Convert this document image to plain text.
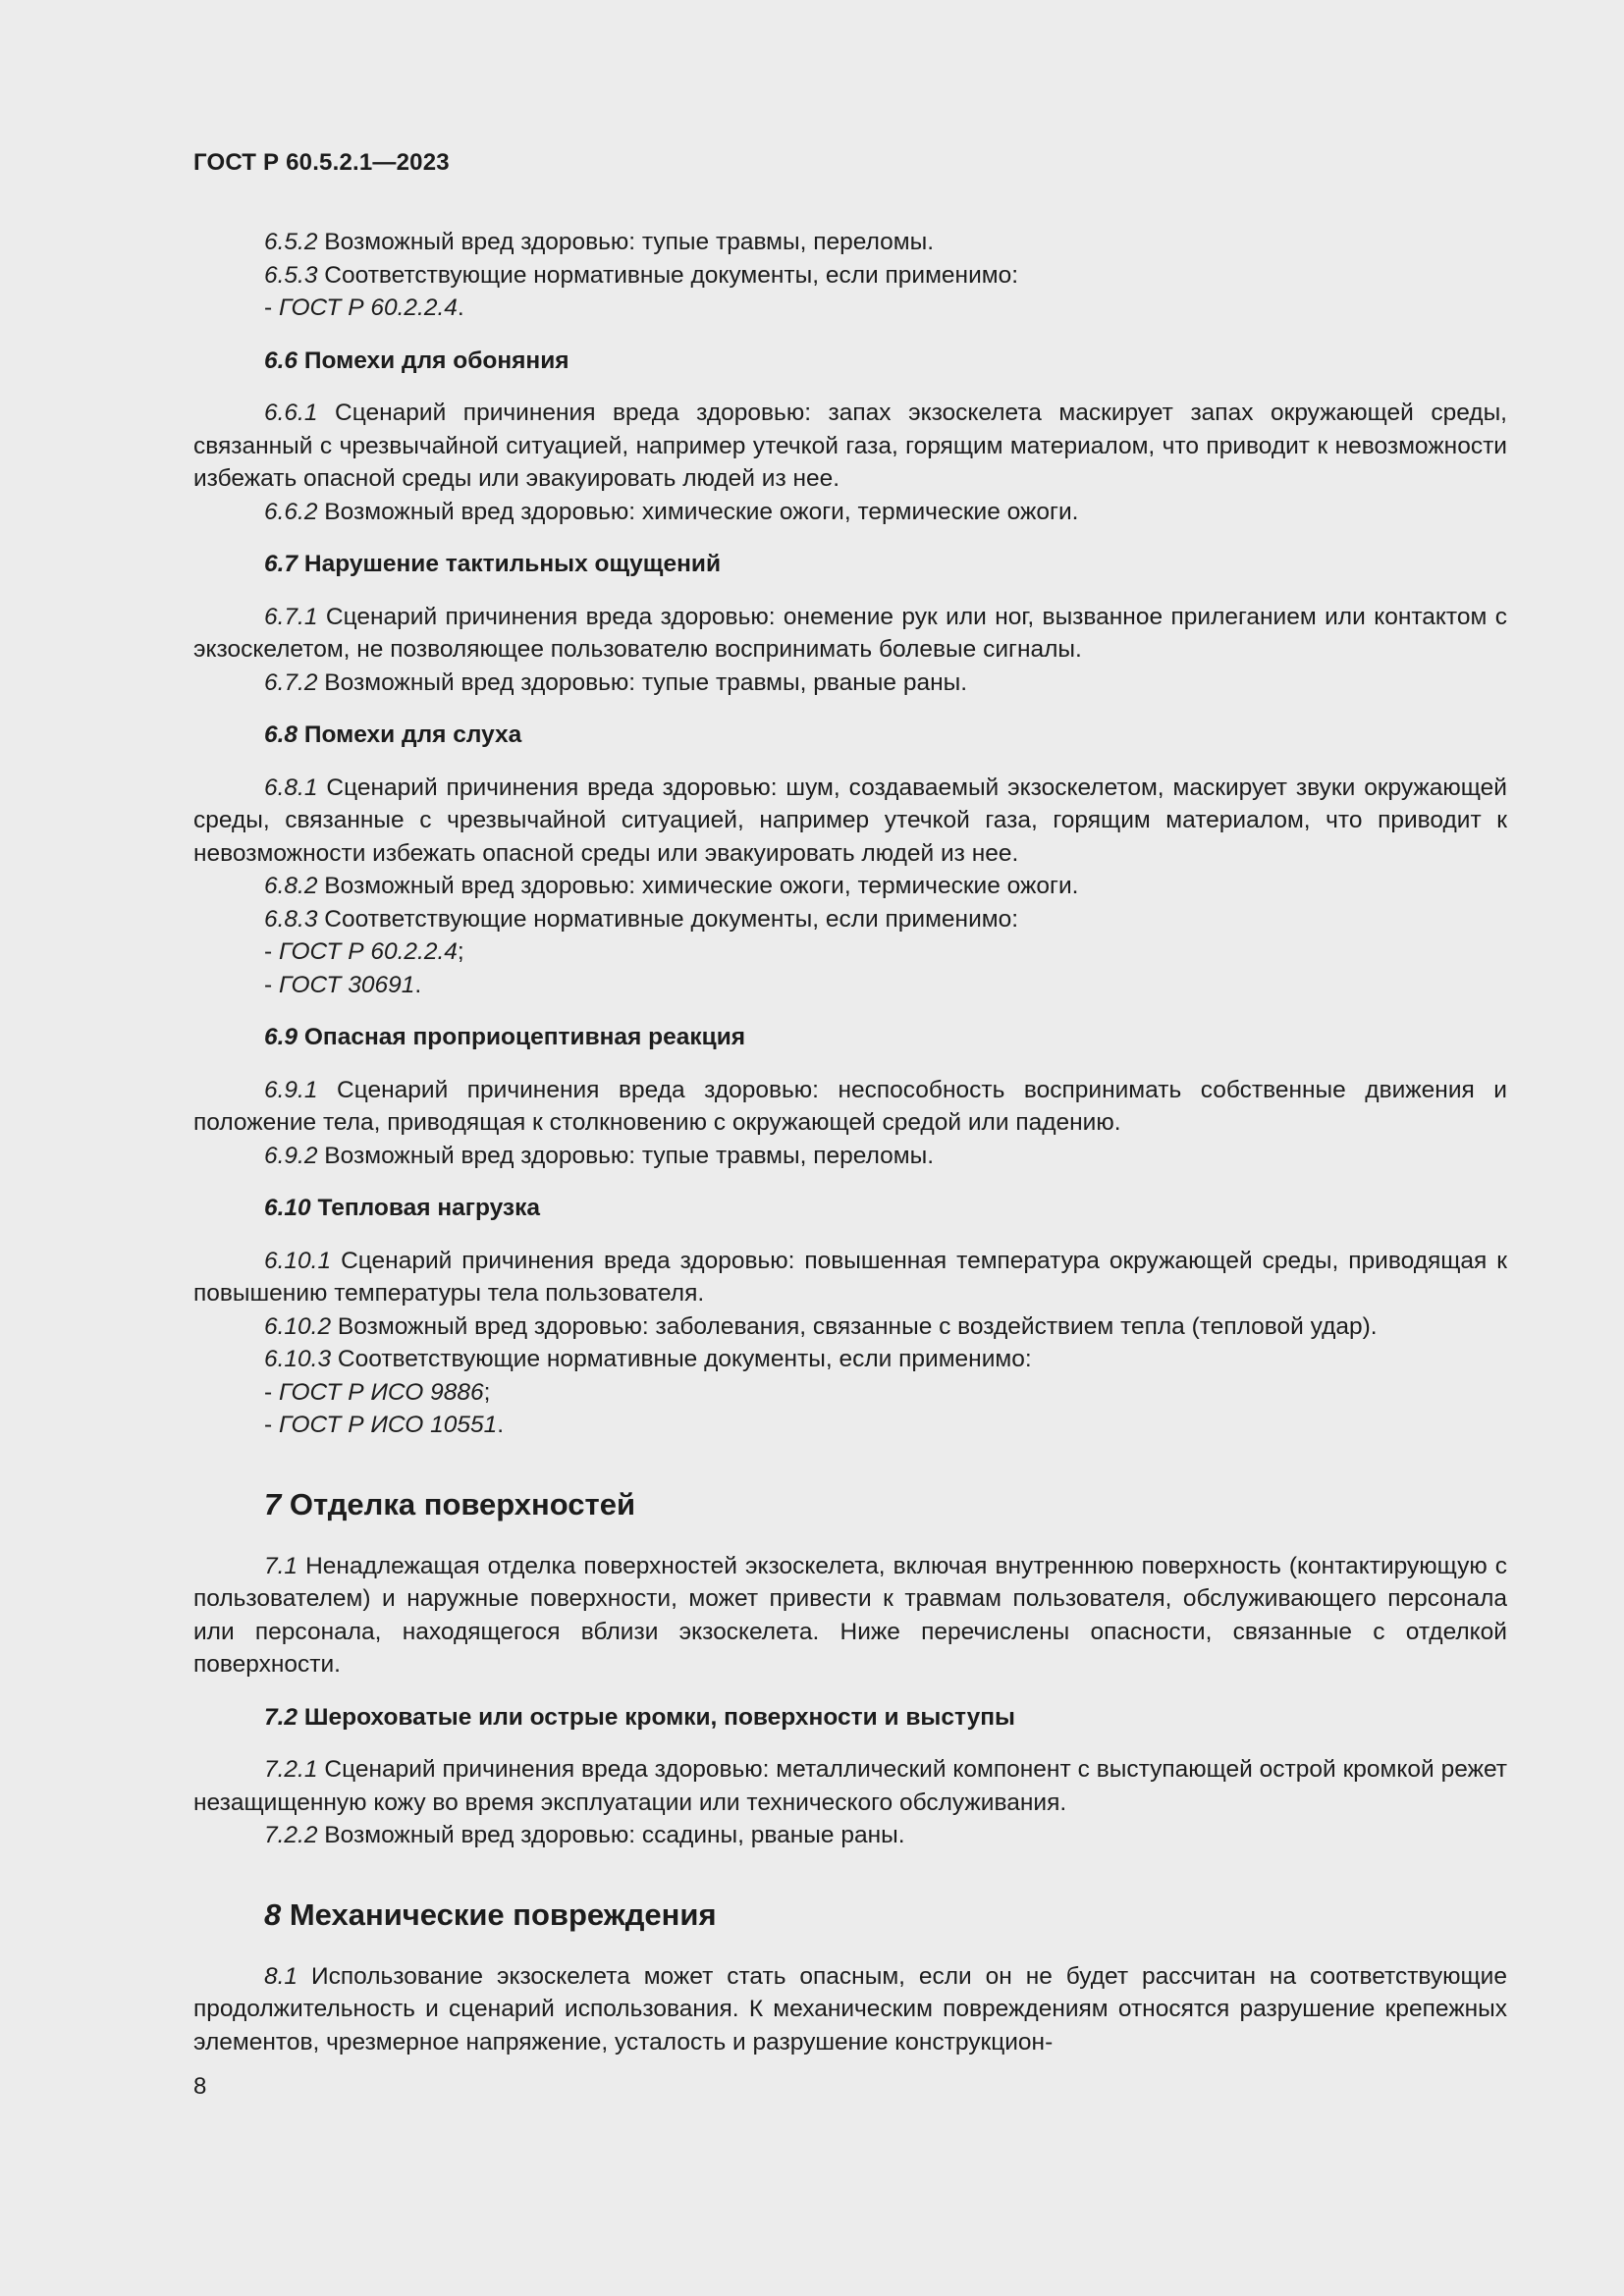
ГОСТ Р 60.5.2.1—2023

6.5.2 Возможный вред здоровью: тупые травмы, переломы.

6.5.3 Соответствующие нормативные документы, если применимо:

- ГОСТ Р 60.2.2.4.

6.6 Помехи для обоняния

6.6.1 Сценарий причинения вреда здоровью: запах экзоскелета маскирует запах окружающей среды, связанный с чрезвычайной ситуацией, например утечкой газа, горящим материалом, что приводит к невозможности избежать опасной среды или эвакуировать людей из нее.

6.6.2 Возможный вред здоровью: химические ожоги, термические ожоги.

6.7 Нарушение тактильных ощущений

6.7.1 Сценарий причинения вреда здоровью: онемение рук или ног, вызванное прилеганием или контактом с экзоскелетом, не позволяющее пользователю воспринимать болевые сигналы.

6.7.2 Возможный вред здоровью: тупые травмы, рваные раны.

6.8 Помехи для слуха

6.8.1 Сценарий причинения вреда здоровью: шум, создаваемый экзоскелетом, маскирует звуки окружающей среды, связанные с чрезвычайной ситуацией, например утечкой газа, горящим материалом, что приводит к невозможности избежать опасной среды или эвакуировать людей из нее.

6.8.2 Возможный вред здоровью: химические ожоги, термические ожоги.

6.8.3 Соответствующие нормативные документы, если применимо:

- ГОСТ Р 60.2.2.4;

- ГОСТ 30691.

6.9 Опасная проприоцептивная реакция

6.9.1 Сценарий причинения вреда здоровью: неспособность воспринимать собственные движения и положение тела, приводящая к столкновению с окружающей средой или падению.

6.9.2 Возможный вред здоровью: тупые травмы, переломы.

6.10 Тепловая нагрузка

6.10.1 Сценарий причинения вреда здоровью: повышенная температура окружающей среды, приводящая к повышению температуры тела пользователя.

6.10.2 Возможный вред здоровью: заболевания, связанные с воздействием тепла (тепловой удар).

6.10.3 Соответствующие нормативные документы, если применимо:

- ГОСТ Р ИСО 9886;

- ГОСТ Р ИСО 10551.

7 Отделка поверхностей

7.1 Ненадлежащая отделка поверхностей экзоскелета, включая внутреннюю поверхность (контактирующую с пользователем) и наружные поверхности, может привести к травмам пользователя, обслуживающего персонала или персонала, находящегося вблизи экзоскелета. Ниже перечислены опасности, связанные с отделкой поверхности.

7.2 Шероховатые или острые кромки, поверхности и выступы

7.2.1 Сценарий причинения вреда здоровью: металлический компонент с выступающей острой кромкой режет незащищенную кожу во время эксплуатации или технического обслуживания.

7.2.2 Возможный вред здоровью: ссадины, рваные раны.

8 Механические повреждения

8.1 Использование экзоскелета может стать опасным, если он не будет рассчитан на соответствующие продолжительность и сценарий использования. К механическим повреждениям относятся разрушение крепежных элементов, чрезмерное напряжение, усталость и разрушение конструкцион-

8
